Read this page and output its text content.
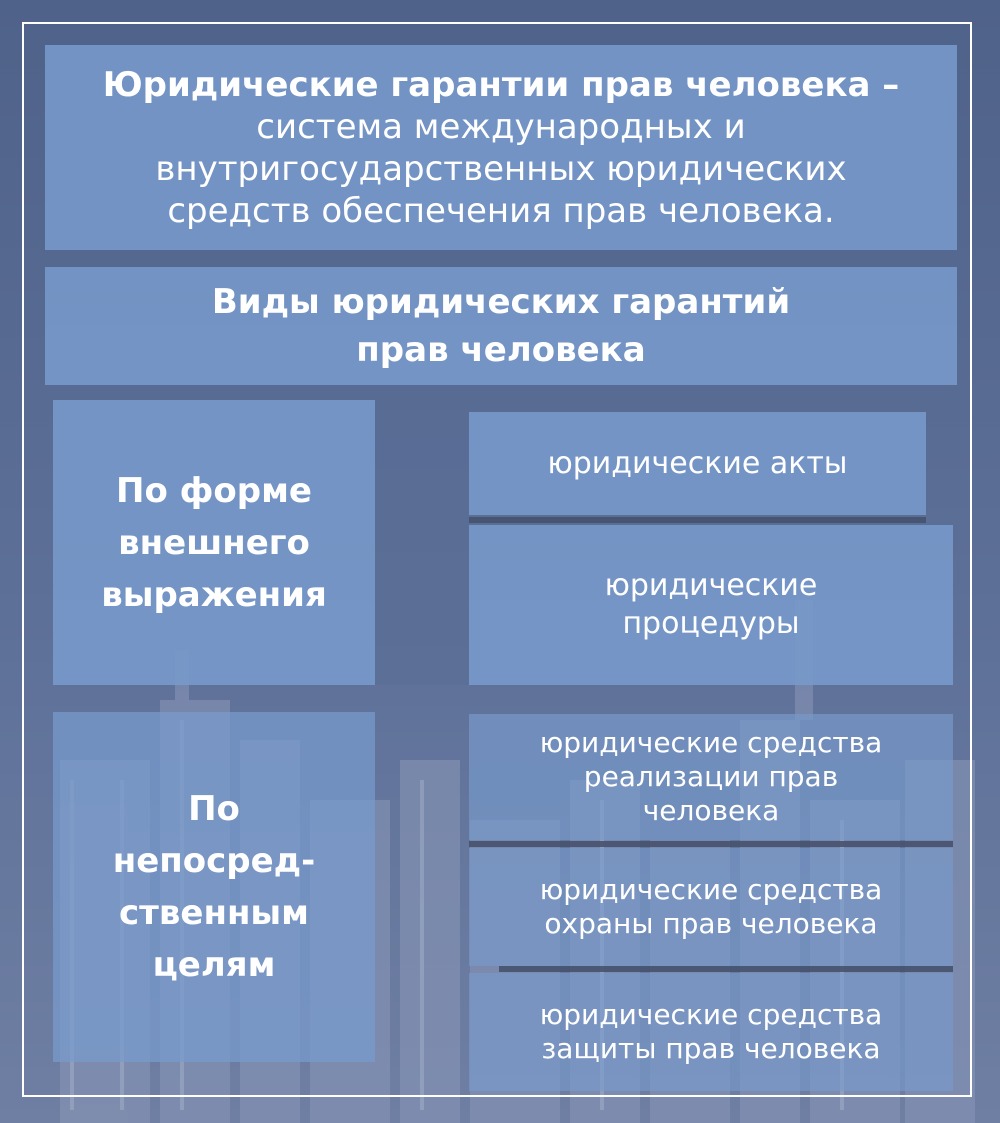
Юридические гарантии прав человека –
система международных и
внутригосударственных юридических
средств обеспечения прав человека.
Виды юридических гарантий
прав человека
По форме
внешнего
выражения
юридические акты
юридические
процедуры
По
непосред-
ственным
целям
юридические средства
реализации прав
человека
юридические средства
охраны прав человека
юридические средства
защиты прав человека
